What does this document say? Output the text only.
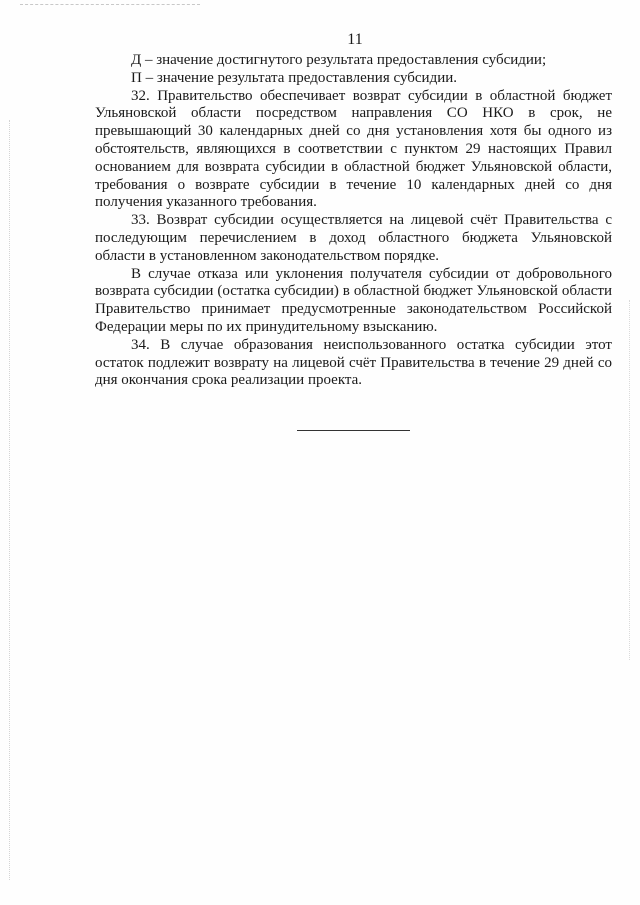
11

Д – значение достигнутого результата предоставления субсидии;

П – значение результата предоставления субсидии.

32. Правительство обеспечивает возврат субсидии в областной бюджет Ульяновской области посредством направления СО НКО в срок, не превышающий 30 календарных дней со дня установления хотя бы одного из обстоятельств, являющихся в соответствии с пунктом 29 настоящих Правил основанием для возврата субсидии в областной бюджет Ульяновской области, требования о возврате субсидии в течение 10 календарных дней со дня получения указанного требования.

33. Возврат субсидии осуществляется на лицевой счёт Правительства с последующим перечислением в доход областного бюджета Ульяновской области в установленном законодательством порядке.

В случае отказа или уклонения получателя субсидии от добровольного возврата субсидии (остатка субсидии) в областной бюджет Ульяновской области Правительство принимает предусмотренные законодательством Российской Федерации меры по их принудительному взысканию.

34. В случае образования неиспользованного остатка субсидии этот остаток подлежит возврату на лицевой счёт Правительства в течение 29 дней со дня окончания срока реализации проекта.
